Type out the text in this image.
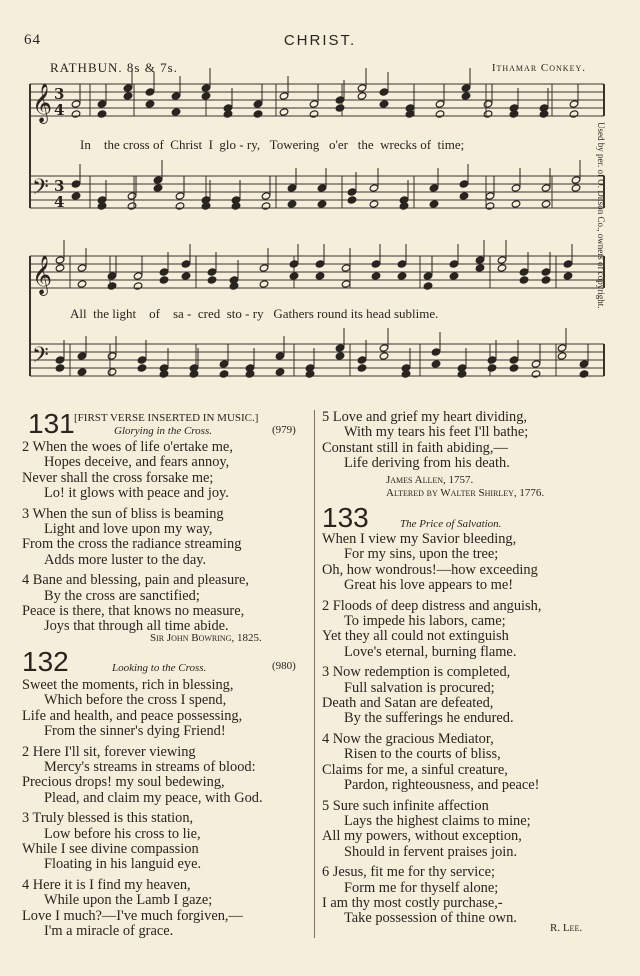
64	CHRIST.
RATHBUN. 8s & 7s.	Ithamar Conkey.
Used by per. of O. Ditson Co., owners of copyright.
𝄞
𝄢
3
4
3
4
𝄞
𝄢
In the cross of Christ I glo - ry, Towering o'er the wrecks of time;
All the light of sa - cred sto - ry Gathers round its head sublime.
131 [FIRST VERSE INSERTED IN MUSIC.]
Glorying in the Cross.	(979)
2 When the woes of life o'ertake me,
Hopes deceive, and fears annoy,
Never shall the cross forsake me;
Lo! it glows with peace and joy.
3 When the sun of bliss is beaming
Light and love upon my way,
From the cross the radiance streaming
Adds more luster to the day.
4 Bane and blessing, pain and pleasure,
By the cross are sanctified;
Peace is there, that knows no measure,
Joys that through all time abide.
Sir John Bowring, 1825.
132	Looking to the Cross.	(980)
Sweet the moments, rich in blessing,
Which before the cross I spend,
Life and health, and peace possessing,
From the sinner's dying Friend!
2 Here I'll sit, forever viewing
Mercy's streams in streams of blood:
Precious drops! my soul bedewing,
Plead, and claim my peace, with God.
3 Truly blessed is this station,
Low before his cross to lie,
While I see divine compassion
Floating in his languid eye.
4 Here it is I find my heaven,
While upon the Lamb I gaze;
Love I much?—I've much forgiven,—
I'm a miracle of grace.
5 Love and grief my heart dividing,
With my tears his feet I'll bathe;
Constant still in faith abiding,—
Life deriving from his death.
James Allen, 1757.
Altered by Walter Shirley, 1776.
133	The Price of Salvation.
When I view my Savior bleeding,
For my sins, upon the tree;
Oh, how wondrous!—how exceeding
Great his love appears to me!
2 Floods of deep distress and anguish,
To impede his labors, came;
Yet they all could not extinguish
Love's eternal, burning flame.
3 Now redemption is completed,
Full salvation is procured;
Death and Satan are defeated,
By the sufferings he endured.
4 Now the gracious Mediator,
Risen to the courts of bliss,
Claims for me, a sinful creature,
Pardon, righteousness, and peace!
5 Sure such infinite affection
Lays the highest claims to mine;
All my powers, without exception,
Should in fervent praises join.
6 Jesus, fit me for thy service;
Form me for thyself alone;
I am thy most costly purchase,-
Take possession of thine own.
R. Lee.
